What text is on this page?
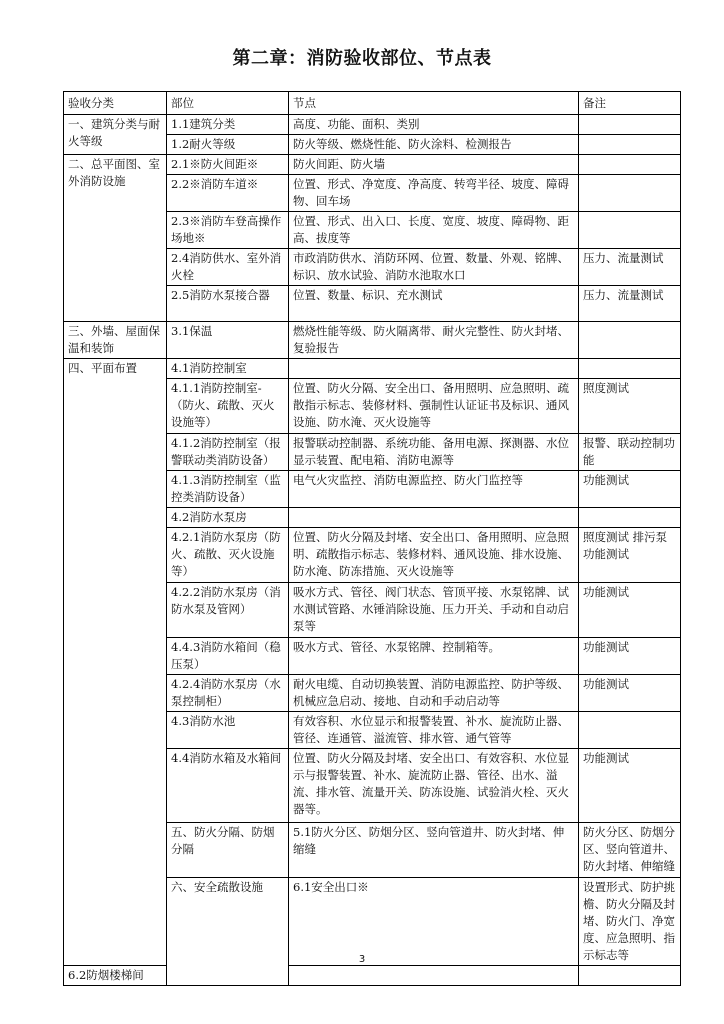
第二章：消防验收部位、节点表
验收分类	部位	节点	备注	
一、建筑分类与耐火等级	1.1建筑分类	高度、功能、面积、类别		
	1.2耐火等级	防火等级、燃烧性能、防火涂料、检测报告		
二、总平面图、室外消防设施	2.1※防火间距※	防火间距、防火墙		
	2.2※消防车道※	位置、形式、净宽度、净高度、转弯半径、坡度、障碍物、回车场		
	2.3※消防车登高操作场地※	位置、形式、出入口、长度、宽度、坡度、障碍物、距高、拔度等		
	2.4消防供水、室外消火栓	市政消防供水、消防环网、位置、数量、外观、铭牌、标识、放水试验、消防水池取水口	压力、流量测试	
	2.5消防水泵接合器	位置、数量、标识、充水测试	压力、流量测试	
三、外墙、屋面保温和装饰	3.1保温	燃烧性能等级、防火隔离带、耐火完整性、防火封堵、复验报告		
四、平面布置	4.1消防控制室			
	4.1.1消防控制室-（防火、疏散、灭火设施等）	位置、防火分隔、安全出口、备用照明、应急照明、疏散指示标志、装修材料、强制性认证证书及标识、通风设施、防水淹、灭火设施等	照度测试	
	4.1.2消防控制室（报警联动类消防设备）	报警联动控制器、系统功能、备用电源、探测器、水位显示装置、配电箱、消防电源等	报警、联动控制功能	
	4.1.3消防控制室（监控类消防设备）	电气火灾监控、消防电源监控、防火门监控等	功能测试	
	4.2消防水泵房			
	4.2.1消防水泵房（防火、疏散、灭火设施等）	位置、防火分隔及封堵、安全出口、备用照明、应急照明、疏散指示标志、装修材料、通风设施、排水设施、防水淹、防冻措施、灭火设施等	照度测试 排污泵功能测试	
	4.2.2消防水泵房（消防水泵及管网）	吸水方式、管径、阀门状态、管顶平接、水泵铭牌、试水测试管路、水锤消除设施、压力开关、手动和自动启泵等	功能测试	
	4.4.3消防水箱间（稳压泵）	吸水方式、管径、水泵铭牌、控制箱等。	功能测试	
	4.2.4消防水泵房（水泵控制柜）	耐火电缆、自动切换装置、消防电源监控、防护等级、机械应急启动、接地、自动和手动启动等	功能测试	
	4.3消防水池	有效容积、水位显示和报警装置、补水、旋流防止器、管径、连通管、溢流管、排水管、通气管等		
	4.4消防水箱及水箱间	位置、防火分隔及封堵、安全出口、有效容积、水位显示与报警装置、补水、旋流防止器、管径、出水、溢流、排水管、流量开关、防冻设施、试验消火栓、灭火器等。	功能测试	
	五、防火分隔、防烟分隔	5.1防火分区、防烟分区、竖向管道井、防火封堵、伸缩缝	防火分区、防烟分区、竖向管道井、防火封堵、伸缩缝	
	六、安全疏散设施	6.1安全出口※	设置形式、防护挑檐、防火分隔及封堵、防火门、净宽度、应急照明、指示标志等	
6.2防烟楼梯间				
3
